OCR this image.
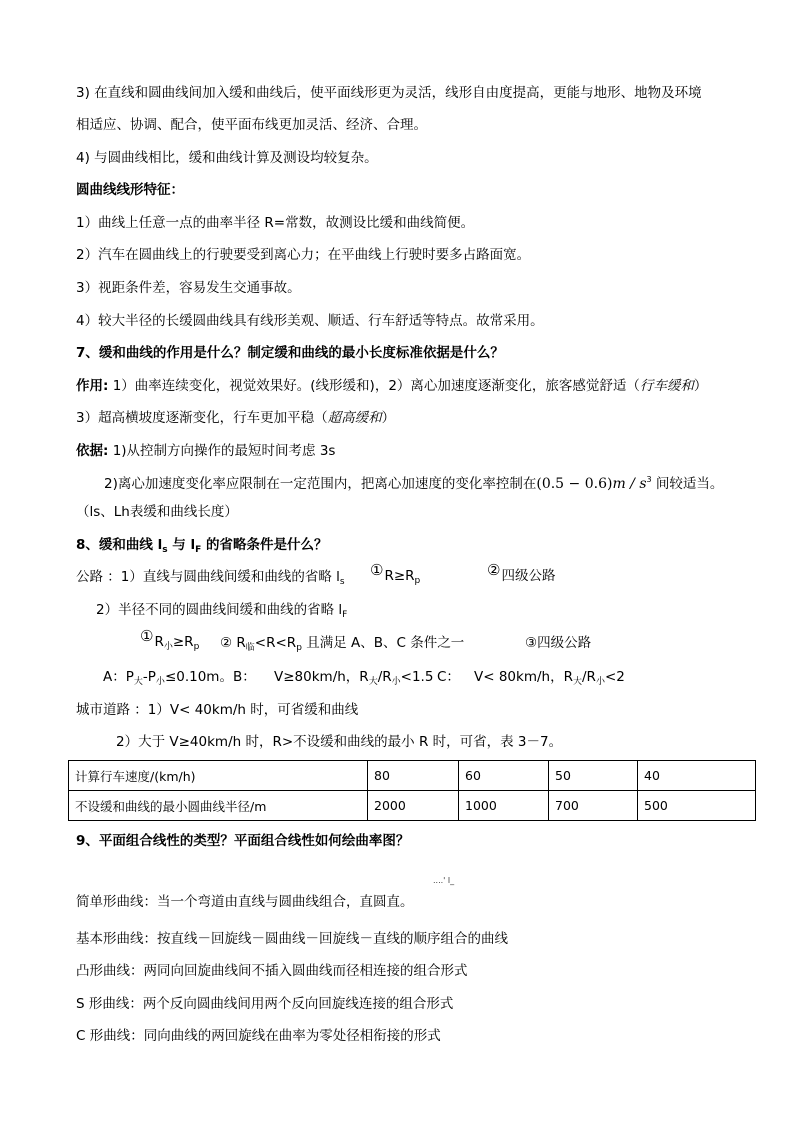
3) 在直线和圆曲线间加入缓和曲线后，使平面线形更为灵活，线形自由度提高，更能与地形、地物及环境
相适应、协调、配合，使平面布线更加灵活、经济、合理。
4) 与圆曲线相比，缓和曲线计算及测设均较复杂。
圆曲线线形特征：
1）曲线上任意一点的曲率半径 R=常数，故测设比缓和曲线简便。
2）汽车在圆曲线上的行驶要受到离心力；在平曲线上行驶时要多占路面宽。
3）视距条件差，容易发生交通事故。
4）较大半径的长缓圆曲线具有线形美观、顺适、行车舒适等特点。故常采用。
7、缓和曲线的作用是什么？制定缓和曲线的最小长度标准依据是什么？
作用: 1）曲率连续变化，视觉效果好。(线形缓和)，2）离心加速度逐渐变化，旅客感觉舒适（行车缓和）
3）超高横坡度逐渐变化，行车更加平稳（超高缓和）
依据: 1)从控制方向操作的最短时间考虑 3s
2)离心加速度变化率应限制在一定范围内，把离心加速度的变化率控制在$(0.5 - 0.6)m / s^3$ 间较适当。
（ls、Lh表缓和曲线长度）
8、缓和曲线 $l_s$ 与 $l_F$ 的省略条件是什么？
公路 ：1）直线与圆曲线间缓和曲线的省略 $l_s$
$①R\ge R_p$
②四级公路
2）半径不同的圆曲线间缓和曲线的省略 $l_F$
$①R_小\ge R_p$ ② $R_临<R<R_p$ 且满足 A、B、C 条件之一	③四级公路
A：$P_大-P_小\le 0.10m$。B： V≥80km/h，$R_大/R_小<1.5$ C： V< 80km/h，$R_大/R_小<2$
城市道路 ：1）V< 40km/h 时，可省缓和曲线
2）大于 V≥40km/h 时，R>不设缓和曲线的最小 R 时，可省，表 3－7。
计算行车速度/(km/h)	80	60	50	40
不设缓和曲线的最小圆曲线半径/m	2000	1000	700	500
9、平面组合线性的类型？平面组合线性如何绘曲率图？
....' l_
简单形曲线：当一个弯道由直线与圆曲线组合，直圆直。
基本形曲线：按直线－回旋线－圆曲线－回旋线－直线的顺序组合的曲线
凸形曲线：两同向回旋曲线间不插入圆曲线而径相连接的组合形式
S 形曲线：两个反向圆曲线间用两个反向回旋线连接的组合形式
C 形曲线：同向曲线的两回旋线在曲率为零处径相衔接的形式
